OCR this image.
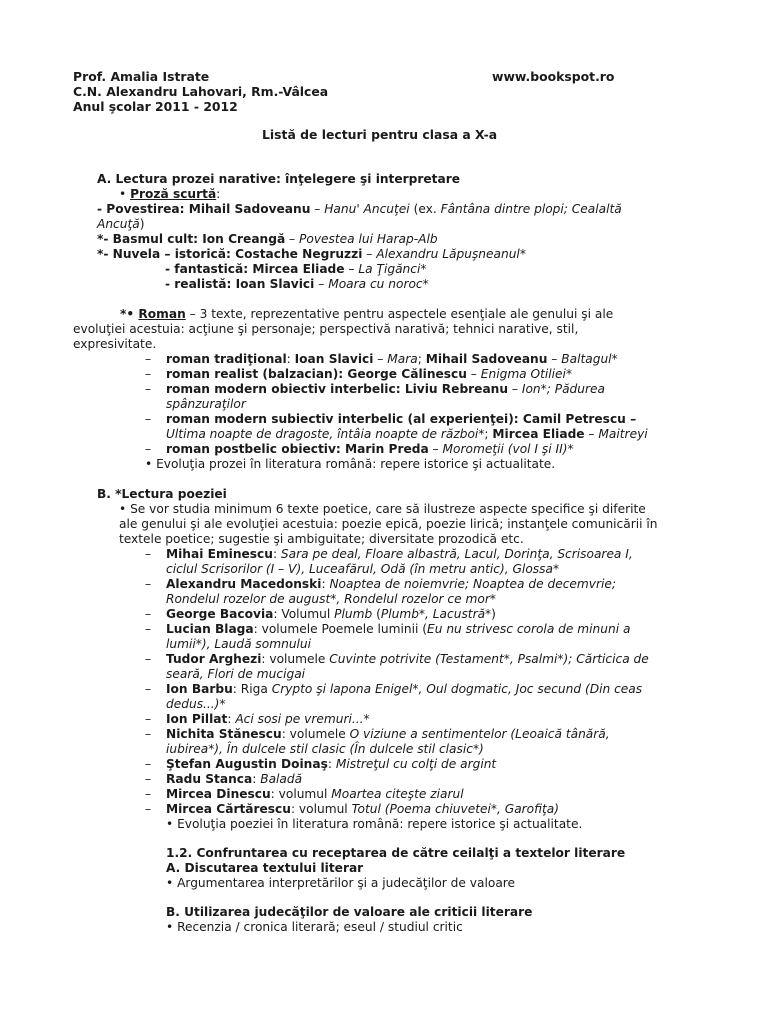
Prof. Amalia Istrate	www.bookspot.ro
C.N. Alexandru Lahovari, Rm.-Vâlcea
Anul şcolar 2011 - 2012
Listă de lecturi pentru clasa a X-a
A. Lectura prozei narative: înţelegere şi interpretare
• Proză scurtă:
- Povestirea: Mihail Sadoveanu – Hanu' Ancuţei (ex. Fântâna dintre plopi; Cealaltă
Ancuţă)
*- Basmul cult: Ion Creangă – Povestea lui Harap-Alb
*- Nuvela – istorică: Costache Negruzzi – Alexandru Lăpuşneanul*
- fantastică: Mircea Eliade – La Ţigănci*
- realistă: Ioan Slavici – Moara cu noroc*
*• Roman – 3 texte, reprezentative pentru aspectele esenţiale ale genului şi ale
evoluţiei acestuia: acţiune şi personaje; perspectivă narativă; tehnici narative, stil,
expresivitate.
– roman tradiţional: Ioan Slavici – Mara; Mihail Sadoveanu – Baltagul*
– roman realist (balzacian): George Călinescu – Enigma Otiliei*
– roman modern obiectiv interbelic: Liviu Rebreanu – Ion*; Pădurea
spânzuraţilor
– roman modern subiectiv interbelic (al experienţei): Camil Petrescu –
Ultima noapte de dragoste, întâia noapte de război*; Mircea Eliade – Maitreyi
– roman postbelic obiectiv: Marin Preda – Moromeţii (vol I şi II)*
• Evoluţia prozei în literatura română: repere istorice şi actualitate.
B. *Lectura poeziei
• Se vor studia minimum 6 texte poetice, care să ilustreze aspecte specifice şi diferite
ale genului şi ale evoluţiei acestuia: poezie epică, poezie lirică; instanţele comunicării în
textele poetice; sugestie şi ambiguitate; diversitate prozodică etc.
– Mihai Eminescu: Sara pe deal, Floare albastră, Lacul, Dorinţa, Scrisoarea I,
ciclul Scrisorilor (I – V), Luceafărul, Odă (în metru antic), Glossa*
– Alexandru Macedonski: Noaptea de noiemvrie; Noaptea de decemvrie;
Rondelul rozelor de august*, Rondelul rozelor ce mor*
– George Bacovia: Volumul Plumb (Plumb*, Lacustră*)
– Lucian Blaga: volumele Poemele luminii (Eu nu strivesc corola de minuni a
lumii*), Laudă somnului
– Tudor Arghezi: volumele Cuvinte potrivite (Testament*, Psalmi*); Cărticica de
seară, Flori de mucigai
– Ion Barbu: Riga Crypto şi lapona Enigel*, Oul dogmatic, Joc secund (Din ceas
dedus...)*
– Ion Pillat: Aci sosi pe vremuri...*
– Nichita Stănescu: volumele O viziune a sentimentelor (Leoaică tânără,
iubirea*), În dulcele stil clasic (În dulcele stil clasic*)
– Ştefan Augustin Doinaş: Mistreţul cu colţi de argint
– Radu Stanca: Baladă
– Mircea Dinescu: volumul Moartea citeşte ziarul
– Mircea Cărtărescu: volumul Totul (Poema chiuvetei*, Garofiţa)
• Evoluţia poeziei în literatura română: repere istorice şi actualitate.
1.2. Confruntarea cu receptarea de către ceilalţi a textelor literare
A. Discutarea textului literar
• Argumentarea interpretărilor şi a judecăţilor de valoare
B. Utilizarea judecăţilor de valoare ale criticii literare
• Recenzia / cronica literară; eseul / studiul critic
